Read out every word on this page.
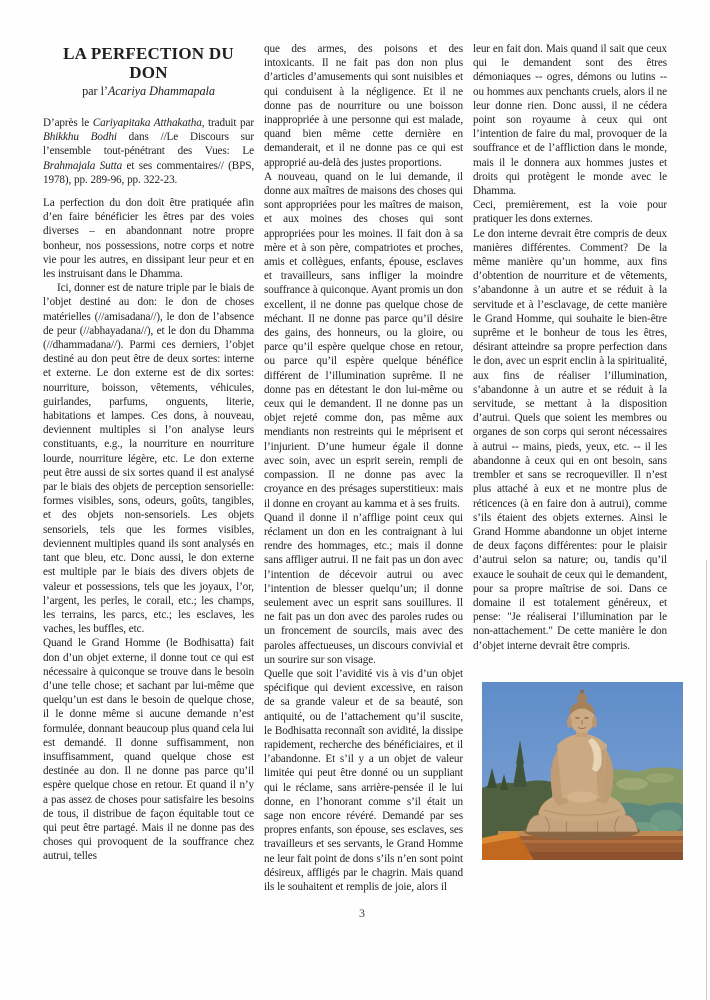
LA PERFECTION DU DON
par l’Acariya Dhammapala

D’après le Cariyapitaka Atthakatha, traduit par Bhikkhu Bodhi dans //Le Discours sur l’ensemble tout-pénétrant des Vues: Le Brahmajala Sutta et ses commentaires// (BPS, 1978), pp. 289-96, pp. 322-23.

La perfection du don doit être pratiquée afin d’en faire bénéficier les êtres par des voies diverses – en abandonnant notre propre bonheur, nos possessions, notre corps et notre vie pour les autres, en dissipant leur peur et en les instruisant dans le Dhamma.

Ici, donner est de nature triple par le biais de l’objet destiné au don: le don de choses matérielles (//amisadana//), le don de l’absence de peur (//abhayadana//), et le don du Dhamma (//dhammadana//). Parmi ces derniers, l’objet destiné au don peut être de deux sortes: interne et externe. Le don externe est de dix sortes: nourriture, boisson, vêtements, véhicules, guirlandes, parfums, onguents, literie, habitations et lampes. Ces dons, à nouveau, deviennent multiples si l’on analyse leurs constituants, e.g., la nourriture en nourriture lourde, nourriture légère, etc. Le don externe peut être aussi de six sortes quand il est analysé par le biais des objets de perception sensorielle: formes visibles, sons, odeurs, goûts, tangibles, et des objets non-sensoriels. Les objets sensoriels, tels que les formes visibles, deviennent multiples quand ils sont analysés en tant que bleu, etc. Donc aussi, le don externe est multiple par le biais des divers objets de valeur et possessions, tels que les joyaux, l’or, l’argent, les perles, le corail, etc.; les champs, les terrains, les parcs, etc.; les esclaves, les vaches, les buffles, etc.

Quand le Grand Homme (le Bodhisatta) fait don d’un objet externe, il donne tout ce qui est nécessaire à quiconque se trouve dans le besoin d’une telle chose; et sachant par lui-même que quelqu’un est dans le besoin de quelque chose, il le donne même si aucune demande n’est formulée, donnant beaucoup plus quand cela lui est demandé. Il donne suffisamment, non insuffisamment, quand quelque chose est destinée au don. Il ne donne pas parce qu’il espère quelque chose en retour. Et quand il n’y a pas assez de choses pour satisfaire les besoins de tous, il distribue de façon équitable tout ce qui peut être partagé. Mais il ne donne pas des choses qui provoquent de la souffrance chez autrui, telles

que des armes, des poisons et des intoxicants. Il ne fait pas don non plus d’articles d’amusements qui sont nuisibles et qui conduisent à la négligence. Et il ne donne pas de nourriture ou une boisson inappropriée à une personne qui est malade, quand bien même cette dernière en demanderait, et il ne donne pas ce qui est approprié au-delà des justes proportions.

A nouveau, quand on le lui demande, il donne aux maîtres de maisons des choses qui sont appropriées pour les maîtres de maison, et aux moines des choses qui sont appropriées pour les moines. Il fait don à sa mère et à son père, compatriotes et proches, amis et collègues, enfants, épouse, esclaves et travailleurs, sans infliger la moindre souffrance à quiconque. Ayant promis un don excellent, il ne donne pas quelque chose de méchant. Il ne donne pas parce qu’il désire des gains, des honneurs, ou la gloire, ou parce qu’il espère quelque chose en retour, ou parce qu’il espère quelque bénéfice différent de l’illumination suprême. Il ne donne pas en détestant le don lui-même ou ceux qui le demandent. Il ne donne pas un objet rejeté comme don, pas même aux mendiants non restreints qui le méprisent et l’injurient. D’une humeur égale il donne avec soin, avec un esprit serein, rempli de compassion. Il ne donne pas avec la croyance en des présages superstitieux: mais il donne en croyant au kamma et à ses fruits.

Quand il donne il n’afflige point ceux qui réclament un don en les contraignant à lui rendre des hommages, etc.; mais il donne sans affliger autrui. Il ne fait pas un don avec l’intention de décevoir autrui ou avec l’intention de blesser quelqu’un; il donne seulement avec un esprit sans souillures. Il ne fait pas un don avec des paroles rudes ou un froncement de sourcils, mais avec des paroles affectueuses, un discours convivial et un sourire sur son visage.

Quelle que soit l’avidité vis à vis d’un objet spécifique qui devient excessive, en raison de sa grande valeur et de sa beauté, son antiquité, ou de l’attachement qu’il suscite, le Bodhisatta reconnaît son avidité, la dissipe rapidement, recherche des bénéficiaires, et il l’abandonne. Et s’il y a un objet de valeur limitée qui peut être donné ou un suppliant qui le réclame, sans arrière-pensée il le lui donne, en l’honorant comme s’il était un sage non encore révéré. Demandé par ses propres enfants, son épouse, ses esclaves, ses travailleurs et ses servants, le Grand Homme ne leur fait point de dons s’ils n’en sont point désireux, affligés par le chagrin. Mais quand ils le souhaitent et remplis de joie, alors il

leur en fait don. Mais quand il sait que ceux qui le demandent sont des êtres démoniaques -- ogres, démons ou lutins -- ou hommes aux penchants cruels, alors il ne leur donne rien. Donc aussi, il ne cédera point son royaume à ceux qui ont l’intention de faire du mal, provoquer de la souffrance et de l’affliction dans le monde, mais il le donnera aux hommes justes et droits qui protègent le monde avec le Dhamma.

Ceci, premièrement, est la voie pour pratiquer les dons externes.

Le don interne devrait être compris de deux manières différentes. Comment? De la même manière qu’un homme, aux fins d’obtention de nourriture et de vêtements, s’abandonne à un autre et se réduit à la servitude et à l’esclavage, de cette manière le Grand Homme, qui souhaite le bien-être suprême et le bonheur de tous les êtres, désirant atteindre sa propre perfection dans le don, avec un esprit enclin à la spiritualité, aux fins de réaliser l’illumination, s’abandonne à un autre et se réduit à la servitude, se mettant à la disposition d’autrui. Quels que soient les membres ou organes de son corps qui seront nécessaires à autrui -- mains, pieds, yeux, etc. -- il les abandonne à ceux qui en ont besoin, sans trembler et sans se recroqueviller. Il n’est plus attaché à eux et ne montre plus de réticences (à en faire don à autrui), comme s’ils étaient des objets externes. Ainsi le Grand Homme abandonne un objet interne de deux façons différentes: pour le plaisir d’autrui selon sa nature; ou, tandis qu’il exauce le souhait de ceux qui le demandent, pour sa propre maîtrise de soi. Dans ce domaine il est totalement généreux, et pense: "Je réaliserai l’illumination par le non-attachement." De cette manière le don d’objet interne devrait être compris.

3
